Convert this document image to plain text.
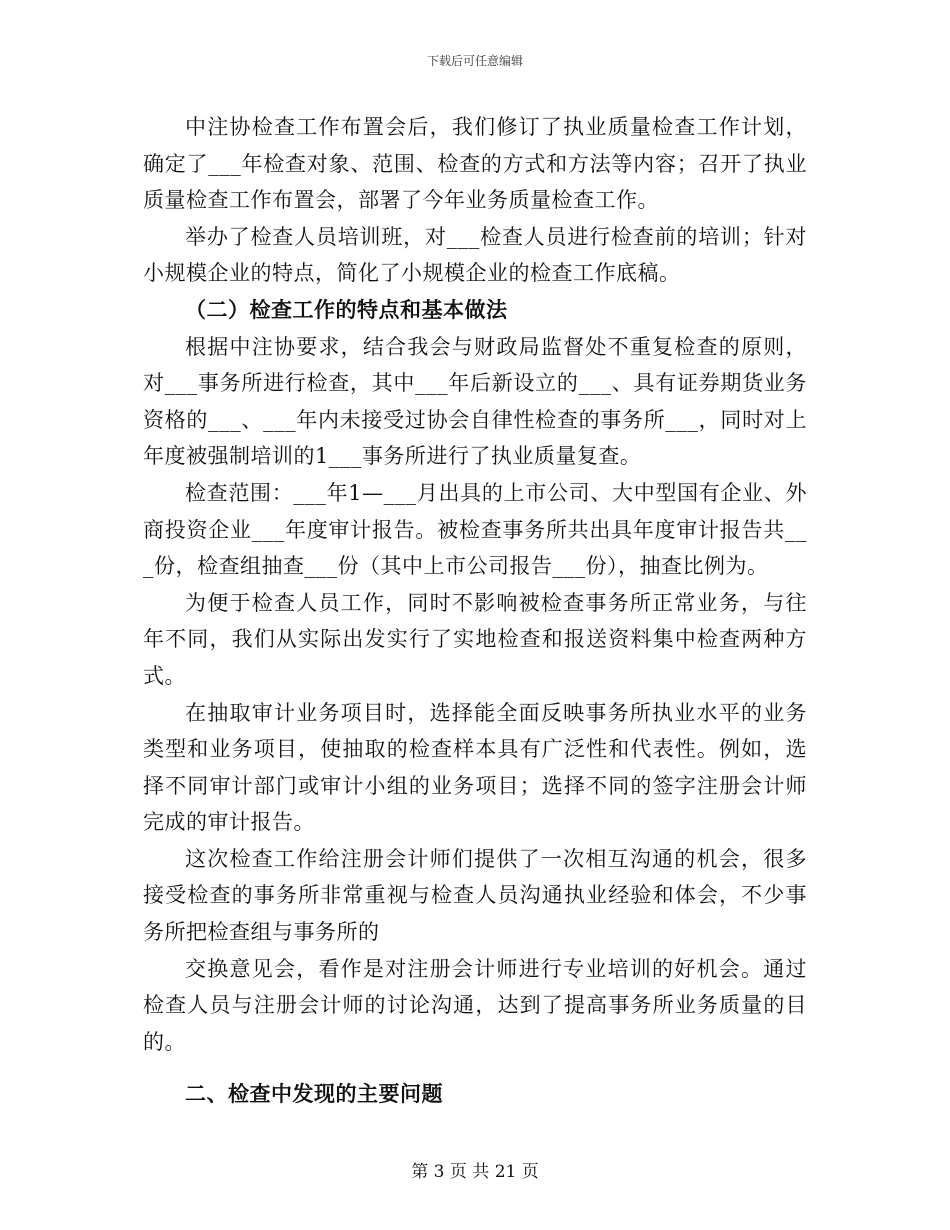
下载后可任意编辑

中注协检查工作布置会后，我们修订了执业质量检查工作计划，确定了___年检查对象、范围、检查的方式和方法等内容；召开了执业质量检查工作布置会，部署了今年业务质量检查工作。

举办了检查人员培训班，对___检查人员进行检查前的培训；针对小规模企业的特点，简化了小规模企业的检查工作底稿。

（二）检查工作的特点和基本做法

根据中注协要求，结合我会与财政局监督处不重复检查的原则，对___事务所进行检查，其中___年后新设立的___、具有证券期货业务资格的___、___年内未接受过协会自律性检查的事务所___，同时对上年度被强制培训的1___事务所进行了执业质量复查。

检查范围：___年1—___月出具的上市公司、大中型国有企业、外商投资企业___年度审计报告。被检查事务所共出具年度审计报告共___份，检查组抽查___份（其中上市公司报告___份），抽查比例为。

为便于检查人员工作，同时不影响被检查事务所正常业务，与往年不同，我们从实际出发实行了实地检查和报送资料集中检查两种方式。

在抽取审计业务项目时，选择能全面反映事务所执业水平的业务类型和业务项目，使抽取的检查样本具有广泛性和代表性。例如，选择不同审计部门或审计小组的业务项目；选择不同的签字注册会计师完成的审计报告。

这次检查工作给注册会计师们提供了一次相互沟通的机会，很多接受检查的事务所非常重视与检查人员沟通执业经验和体会，不少事务所把检查组与事务所的

交换意见会，看作是对注册会计师进行专业培训的好机会。通过检查人员与注册会计师的讨论沟通，达到了提高事务所业务质量的目的。

二、检查中发现的主要问题

第 3 页 共 21 页
